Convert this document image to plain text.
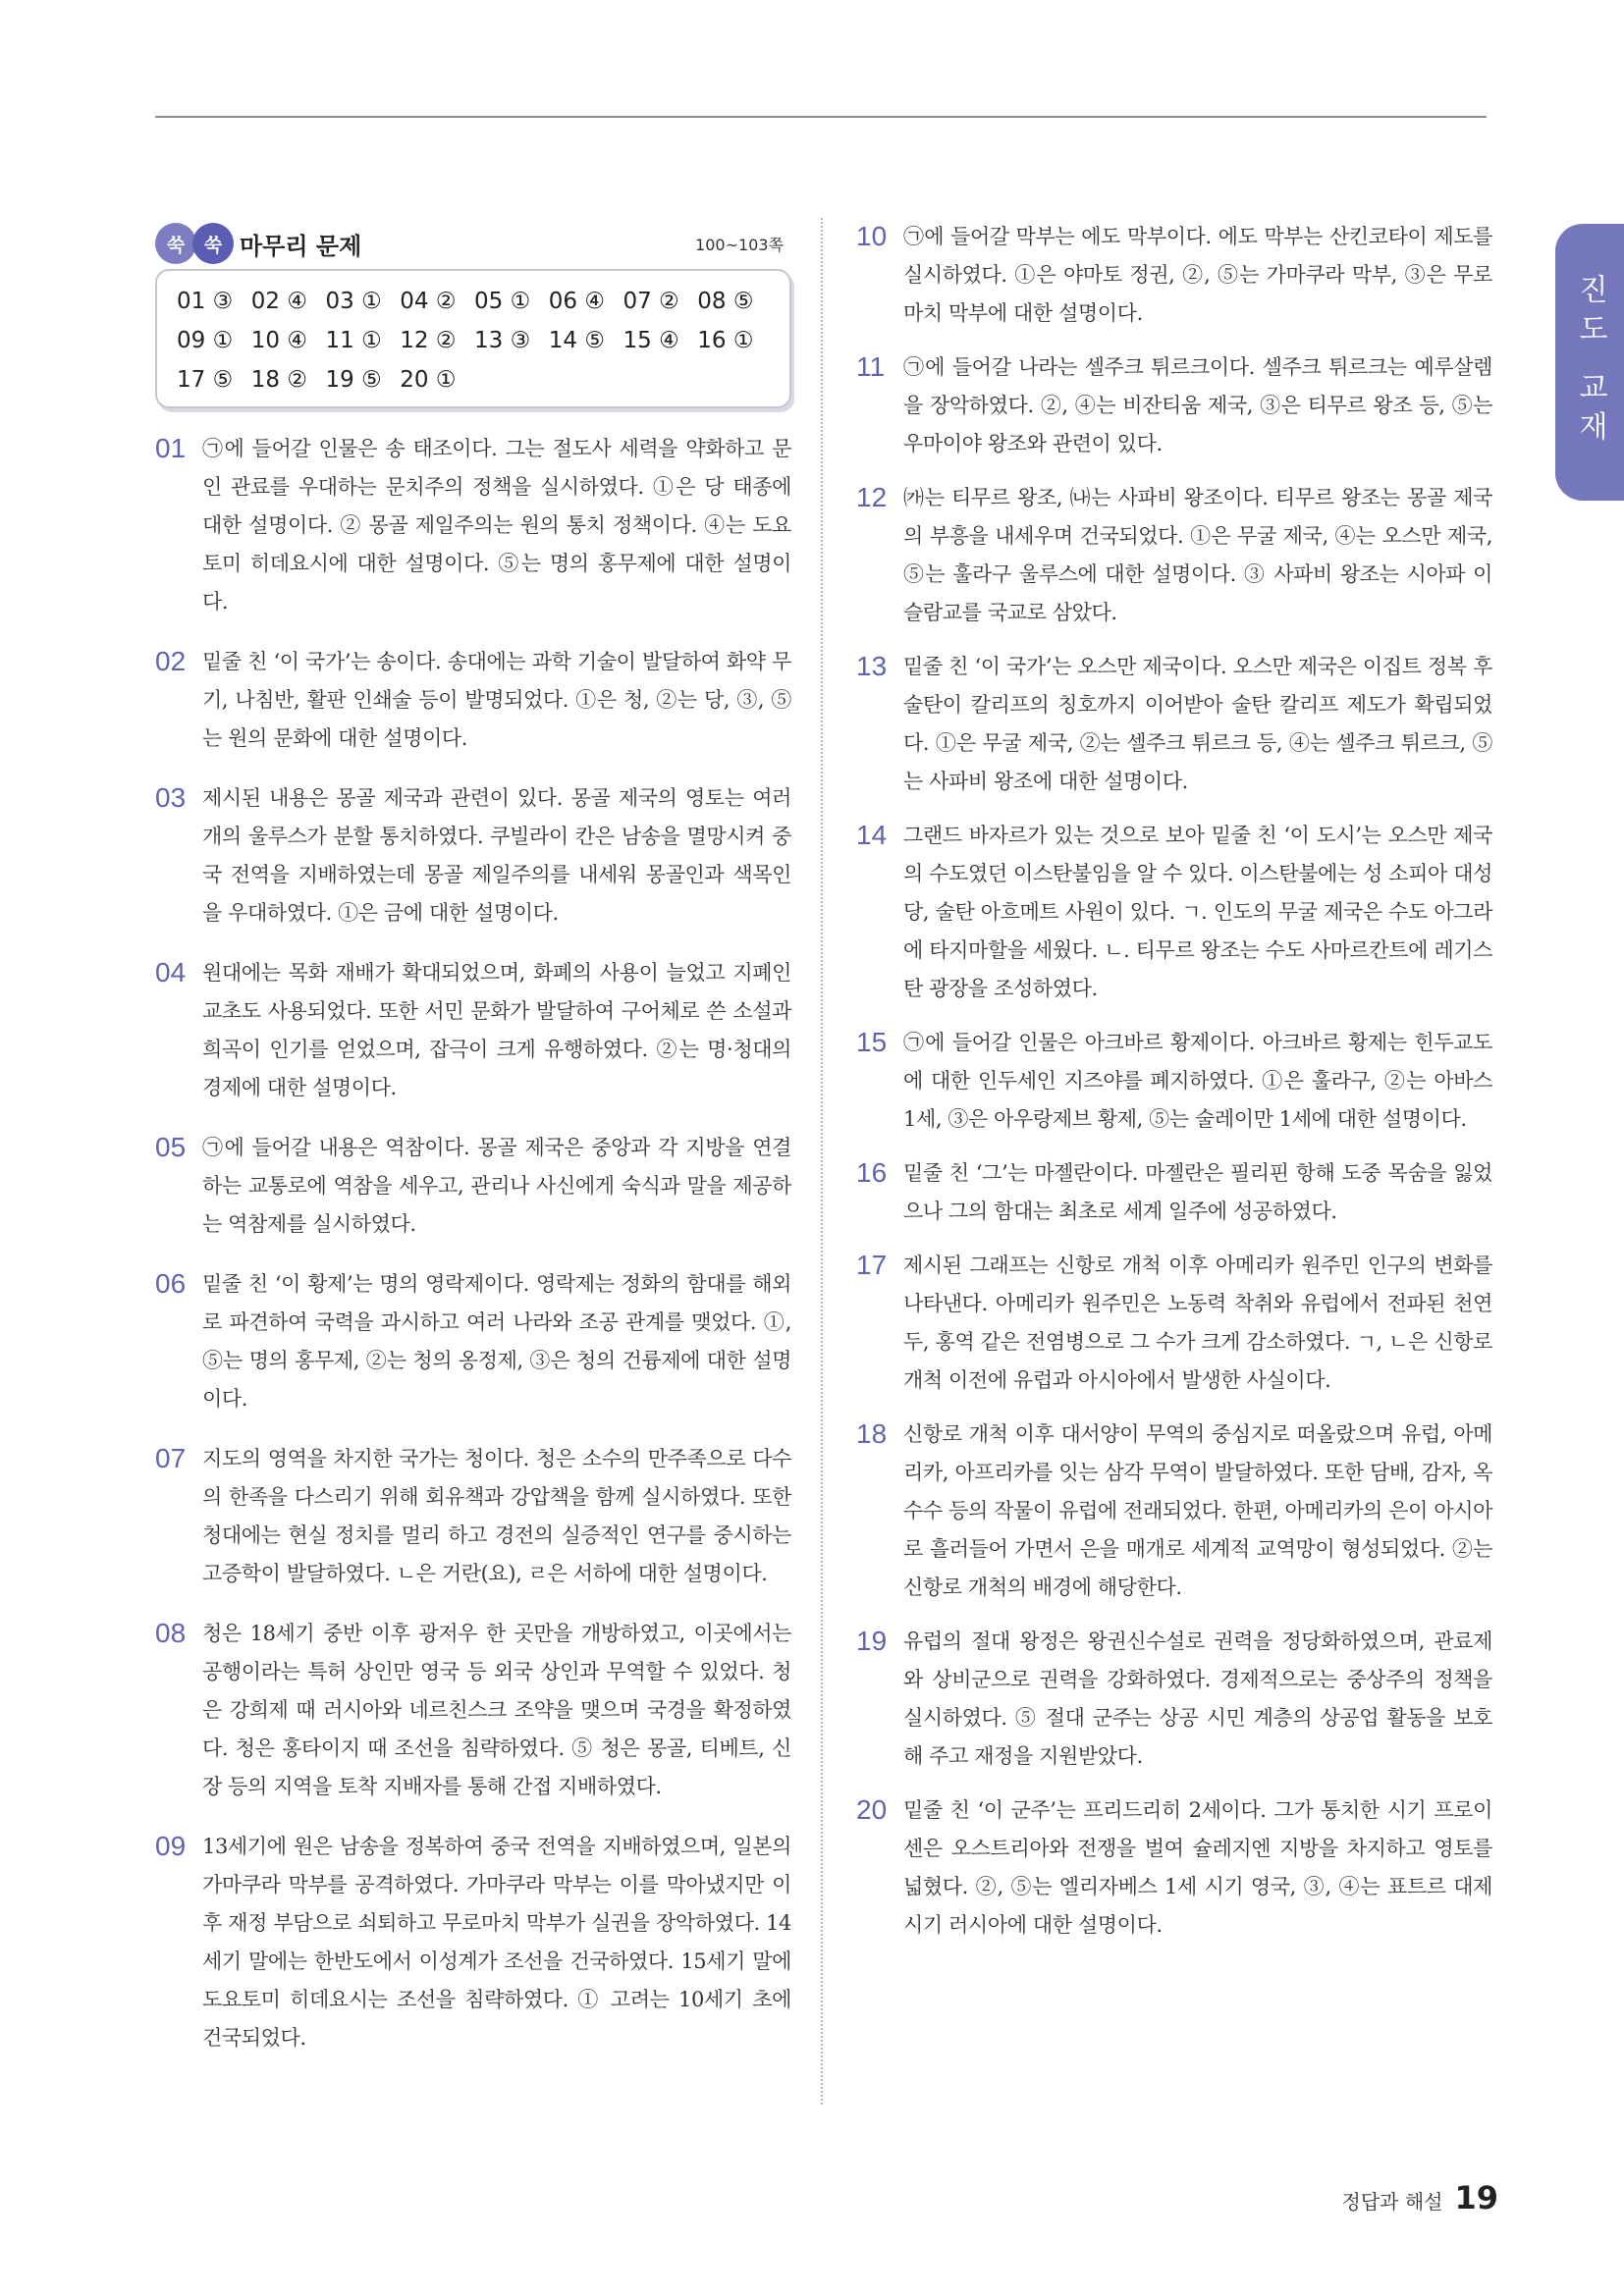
진도 교재
쑥	쑥 마무리 문제	100~103쪽
01 ③ 02 ④ 03 ① 04 ② 05 ① 06 ④ 07 ② 08 ⑤
09 ① 10 ④ 11 ① 12 ② 13 ③ 14 ⑤ 15 ④ 16 ①
17 ⑤ 18 ② 19 ⑤ 20 ①
01 ㉠에 들어갈 인물은 송 태조이다. 그는 절도사 세력을 약화하고 문인 관료를 우대하는 문치주의 정책을 실시하였다. ①은 당 태종에 대한 설명이다. ② 몽골 제일주의는 원의 통치 정책이다. ④는 도요토미 히데요시에 대한 설명이다. ⑤는 명의 홍무제에 대한 설명이다.
02 밑줄 친 ‘이 국가’는 송이다. 송대에는 과학 기술이 발달하여 화약 무기, 나침반, 활판 인쇄술 등이 발명되었다. ①은 청, ②는 당, ③, ⑤는 원의 문화에 대한 설명이다.
03 제시된 내용은 몽골 제국과 관련이 있다. 몽골 제국의 영토는 여러 개의 울루스가 분할 통치하였다. 쿠빌라이 칸은 남송을 멸망시켜 중국 전역을 지배하였는데 몽골 제일주의를 내세워 몽골인과 색목인을 우대하였다. ①은 금에 대한 설명이다.
04 원대에는 목화 재배가 확대되었으며, 화폐의 사용이 늘었고 지폐인 교초도 사용되었다. 또한 서민 문화가 발달하여 구어체로 쓴 소설과 희곡이 인기를 얻었으며, 잡극이 크게 유행하였다. ②는 명·청대의 경제에 대한 설명이다.
05 ㉠에 들어갈 내용은 역참이다. 몽골 제국은 중앙과 각 지방을 연결하는 교통로에 역참을 세우고, 관리나 사신에게 숙식과 말을 제공하는 역참제를 실시하였다.
06 밑줄 친 ‘이 황제’는 명의 영락제이다. 영락제는 정화의 함대를 해외로 파견하여 국력을 과시하고 여러 나라와 조공 관계를 맺었다. ①, ⑤는 명의 홍무제, ②는 청의 옹정제, ③은 청의 건륭제에 대한 설명이다.
07 지도의 영역을 차지한 국가는 청이다. 청은 소수의 만주족으로 다수의 한족을 다스리기 위해 회유책과 강압책을 함께 실시하였다. 또한 청대에는 현실 정치를 멀리 하고 경전의 실증적인 연구를 중시하는 고증학이 발달하였다. ㄴ은 거란(요), ㄹ은 서하에 대한 설명이다.
08 청은 18세기 중반 이후 광저우 한 곳만을 개방하였고, 이곳에서는 공행이라는 특허 상인만 영국 등 외국 상인과 무역할 수 있었다. 청은 강희제 때 러시아와 네르친스크 조약을 맺으며 국경을 확정하였다. 청은 홍타이지 때 조선을 침략하였다. ⑤ 청은 몽골, 티베트, 신장 등의 지역을 토착 지배자를 통해 간접 지배하였다.
09 13세기에 원은 남송을 정복하여 중국 전역을 지배하였으며, 일본의 가마쿠라 막부를 공격하였다. 가마쿠라 막부는 이를 막아냈지만 이후 재정 부담으로 쇠퇴하고 무로마치 막부가 실권을 장악하였다. 14세기 말에는 한반도에서 이성계가 조선을 건국하였다. 15세기 말에 도요토미 히데요시는 조선을 침략하였다. ① 고려는 10세기 초에 건국되었다.
10 ㉠에 들어갈 막부는 에도 막부이다. 에도 막부는 산킨코타이 제도를 실시하였다. ①은 야마토 정권, ②, ⑤는 가마쿠라 막부, ③은 무로마치 막부에 대한 설명이다.
11 ㉠에 들어갈 나라는 셀주크 튀르크이다. 셀주크 튀르크는 예루살렘을 장악하였다. ②, ④는 비잔티움 제국, ③은 티무르 왕조 등, ⑤는 우마이야 왕조와 관련이 있다.
12 ㈎는 티무르 왕조, ㈏는 사파비 왕조이다. 티무르 왕조는 몽골 제국의 부흥을 내세우며 건국되었다. ①은 무굴 제국, ④는 오스만 제국, ⑤는 훌라구 울루스에 대한 설명이다. ③ 사파비 왕조는 시아파 이슬람교를 국교로 삼았다.
13 밑줄 친 ‘이 국가’는 오스만 제국이다. 오스만 제국은 이집트 정복 후 술탄이 칼리프의 칭호까지 이어받아 술탄 칼리프 제도가 확립되었다. ①은 무굴 제국, ②는 셀주크 튀르크 등, ④는 셀주크 튀르크, ⑤는 사파비 왕조에 대한 설명이다.
14 그랜드 바자르가 있는 것으로 보아 밑줄 친 ‘이 도시’는 오스만 제국의 수도였던 이스탄불임을 알 수 있다. 이스탄불에는 성 소피아 대성당, 술탄 아흐메트 사원이 있다. ㄱ. 인도의 무굴 제국은 수도 아그라에 타지마할을 세웠다. ㄴ. 티무르 왕조는 수도 사마르칸트에 레기스탄 광장을 조성하였다.
15 ㉠에 들어갈 인물은 아크바르 황제이다. 아크바르 황제는 힌두교도에 대한 인두세인 지즈야를 폐지하였다. ①은 훌라구, ②는 아바스 1세, ③은 아우랑제브 황제, ⑤는 술레이만 1세에 대한 설명이다.
16 밑줄 친 ‘그’는 마젤란이다. 마젤란은 필리핀 항해 도중 목숨을 잃었으나 그의 함대는 최초로 세계 일주에 성공하였다.
17 제시된 그래프는 신항로 개척 이후 아메리카 원주민 인구의 변화를 나타낸다. 아메리카 원주민은 노동력 착취와 유럽에서 전파된 천연두, 홍역 같은 전염병으로 그 수가 크게 감소하였다. ㄱ, ㄴ은 신항로 개척 이전에 유럽과 아시아에서 발생한 사실이다.
18 신항로 개척 이후 대서양이 무역의 중심지로 떠올랐으며 유럽, 아메리카, 아프리카를 잇는 삼각 무역이 발달하였다. 또한 담배, 감자, 옥수수 등의 작물이 유럽에 전래되었다. 한편, 아메리카의 은이 아시아로 흘러들어 가면서 은을 매개로 세계적 교역망이 형성되었다. ②는 신항로 개척의 배경에 해당한다.
19 유럽의 절대 왕정은 왕권신수설로 권력을 정당화하였으며, 관료제와 상비군으로 권력을 강화하였다. 경제적으로는 중상주의 정책을 실시하였다. ⑤ 절대 군주는 상공 시민 계층의 상공업 활동을 보호해 주고 재정을 지원받았다.
20 밑줄 친 ‘이 군주’는 프리드리히 2세이다. 그가 통치한 시기 프로이센은 오스트리아와 전쟁을 벌여 슐레지엔 지방을 차지하고 영토를 넓혔다. ②, ⑤는 엘리자베스 1세 시기 영국, ③, ④는 표트르 대제 시기 러시아에 대한 설명이다.
정답과 해설 19
